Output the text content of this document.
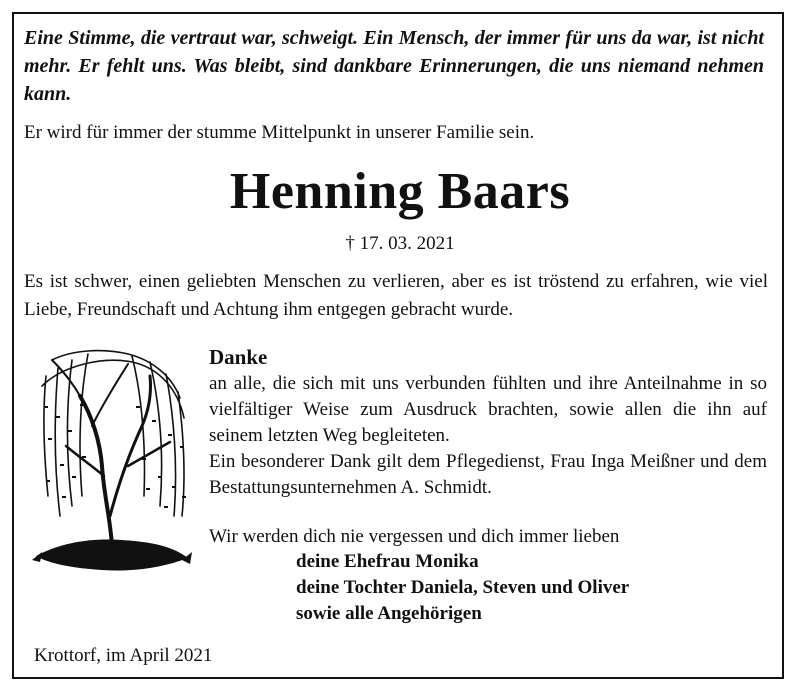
Eine Stimme, die vertraut war, schweigt. Ein Mensch, der immer für uns da war, ist nicht mehr. Er fehlt uns. Was bleibt, sind dankbare Erinnerungen, die uns niemand nehmen kann.
Er wird für immer der stumme Mittelpunkt in unserer Familie sein.
Henning Baars
† 17. 03. 2021
Es ist schwer, einen geliebten Menschen zu verlieren, aber es ist tröstend zu erfahren, wie viel Liebe, Freundschaft und Achtung ihm entgegen gebracht wurde.
Danke

an alle, die sich mit uns verbunden fühlten und ihre Anteilnahme in so vielfältiger Weise zum Ausdruck brachten, sowie allen die ihn auf seinem letzten Weg begleiteten.

Ein besonderer Dank gilt dem Pflegedienst, Frau Inga Meißner und dem Bestattungsunternehmen A. Schmidt.

Wir werden dich nie vergessen und dich immer lieben
deine Ehefrau Monika
deine Tochter Daniela, Steven und Oliver
sowie alle Angehörigen
Krottorf, im April 2021
